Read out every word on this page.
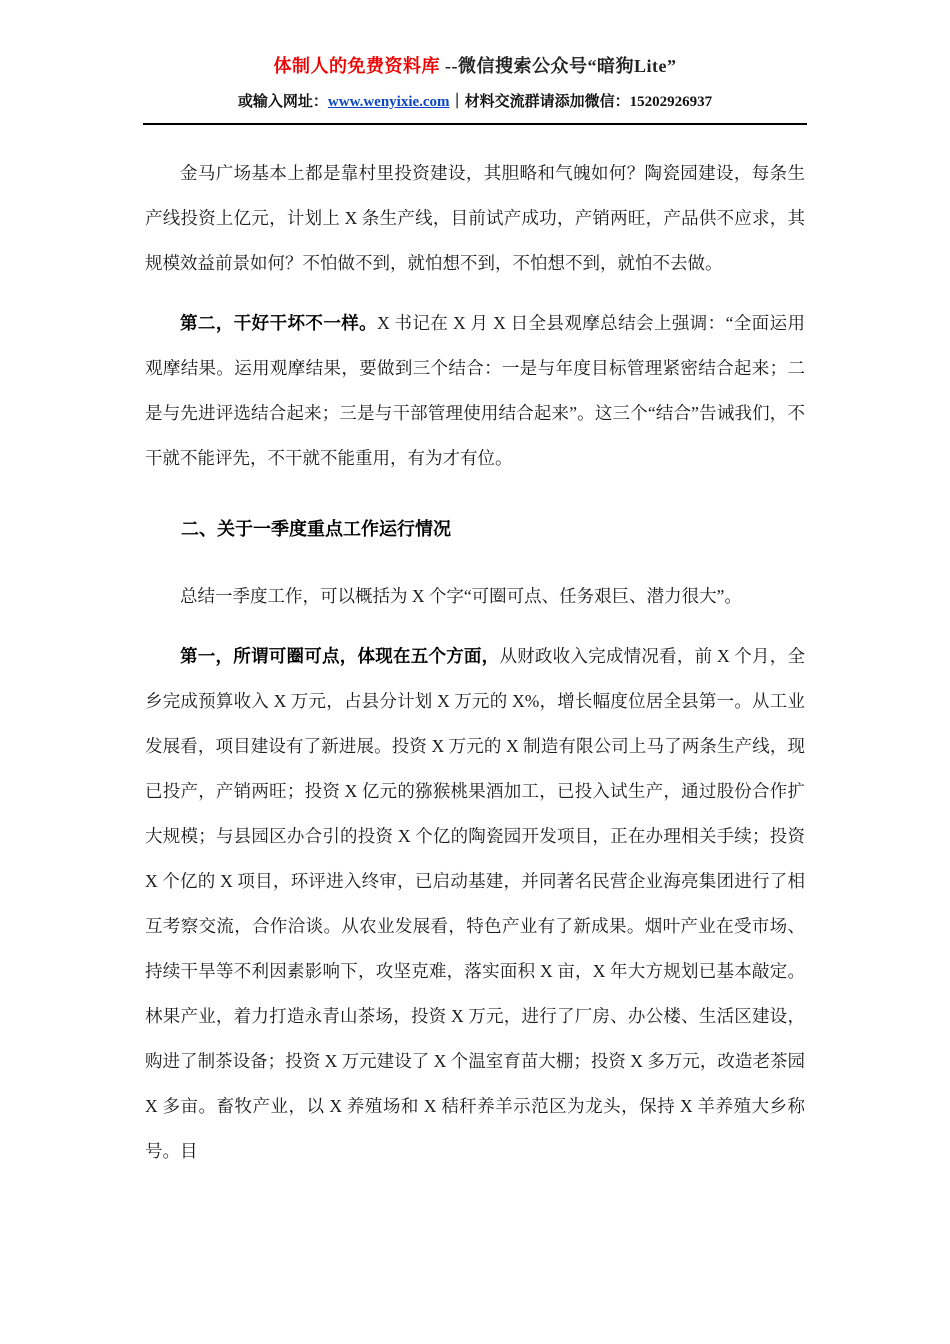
体制人的免费资料库 --微信搜索公众号“暗狗Lite”
或输入网址：www.wenyixie.com｜材料交流群请添加微信：15202926937

金马广场基本上都是靠村里投资建设，其胆略和气魄如何？陶瓷园建设，每条生产线投资上亿元，计划上 X 条生产线，目前试产成功，产销两旺，产品供不应求，其规模效益前景如何？不怕做不到，就怕想不到，不怕想不到，就怕不去做。

第二，干好干坏不一样。X 书记在 X 月 X 日全县观摩总结会上强调：“全面运用观摩结果。运用观摩结果，要做到三个结合：一是与年度目标管理紧密结合起来；二是与先进评选结合起来；三是与干部管理使用结合起来”。这三个“结合”告诫我们，不干就不能评先，不干就不能重用，有为才有位。

二、关于一季度重点工作运行情况

总结一季度工作，可以概括为 X 个字“可圈可点、任务艰巨、潜力很大”。

第一，所谓可圈可点，体现在五个方面，从财政收入完成情况看，前 X 个月，全乡完成预算收入 X 万元，占县分计划 X 万元的 X%，增长幅度位居全县第一。从工业发展看，项目建设有了新进展。投资 X 万元的 X 制造有限公司上马了两条生产线，现已投产，产销两旺；投资 X 亿元的猕猴桃果酒加工，已投入试生产，通过股份合作扩大规模；与县园区办合引的投资 X 个亿的陶瓷园开发项目，正在办理相关手续；投资 X 个亿的 X 项目，环评进入终审，已启动基建，并同著名民营企业海亮集团进行了相互考察交流，合作洽谈。从农业发展看，特色产业有了新成果。烟叶产业在受市场、持续干旱等不利因素影响下，攻坚克难，落实面积 X 亩，X 年大方规划已基本敲定。林果产业，着力打造永青山茶场，投资 X 万元，进行了厂房、办公楼、生活区建设，购进了制茶设备；投资 X 万元建设了 X 个温室育苗大棚；投资 X 多万元，改造老茶园 X 多亩。畜牧产业，以 X 养殖场和 X 秸秆养羊示范区为龙头，保持 X 羊养殖大乡称号。目
